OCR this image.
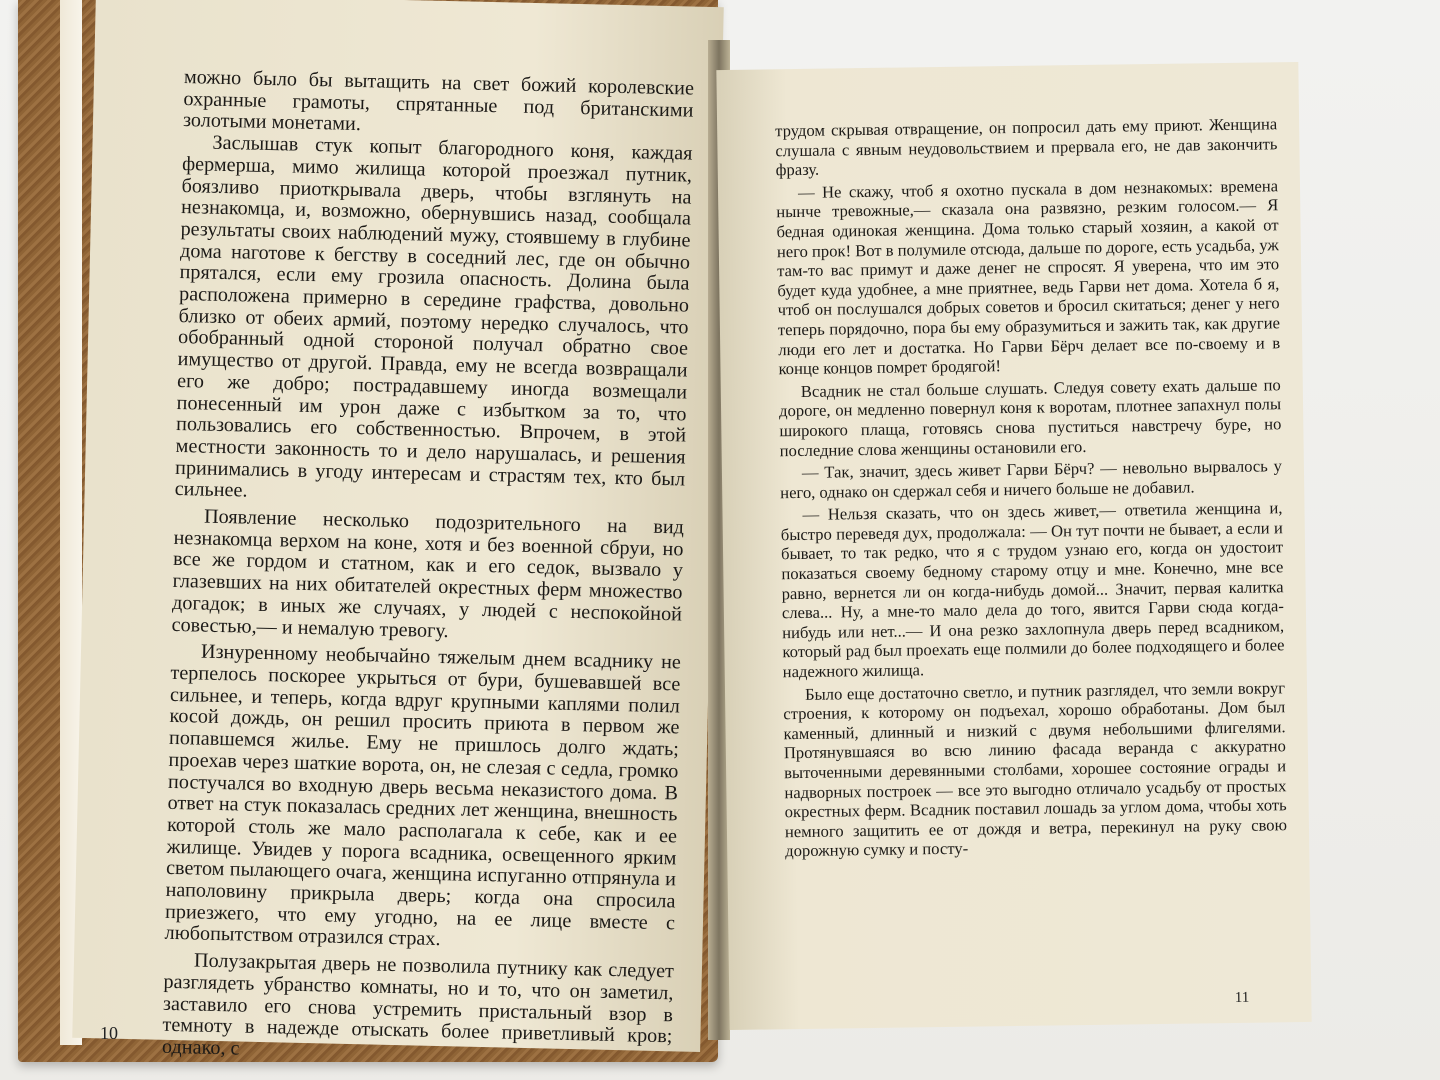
можно было бы вытащить на свет божий королевские охранные грамоты, спрятанные под британскими золотыми монетами.

Заслышав стук копыт благородного коня, каждая фермерша, мимо жилища которой проезжал путник, боязливо приоткрывала дверь, чтобы взглянуть на незнакомца, и, возможно, обернувшись назад, сообщала результаты своих наблюдений мужу, стоявшему в глубине дома наготове к бегству в соседний лес, где он обычно прятался, если ему грозила опасность. Долина была расположена примерно в середине графства, довольно близко от обеих армий, поэтому нередко случалось, что обобранный одной стороной получал обратно свое имущество от другой. Правда, ему не всегда возвращали его же добро; пострадавшему иногда возмещали понесенный им урон даже с избытком за то, что пользовались его собственностью. Впрочем, в этой местности законность то и дело нарушалась, и решения принимались в угоду интересам и страстям тех, кто был сильнее.

Появление несколько подозрительного на вид незнакомца верхом на коне, хотя и без военной сбруи, но все же гордом и статном, как и его седок, вызвало у глазевших на них обитателей окрестных ферм множество догадок; в иных же случаях, у людей с неспокойной совестью,— и немалую тревогу.

Изнуренному необычайно тяжелым днем всаднику не терпелось поскорее укрыться от бури, бушевавшей все сильнее, и теперь, когда вдруг крупными каплями полил косой дождь, он решил просить приюта в первом же попавшемся жилье. Ему не пришлось долго ждать; проехав через шаткие ворота, он, не слезая с седла, громко постучался во входную дверь весьма неказистого дома. В ответ на стук показалась средних лет женщина, внешность которой столь же мало располагала к себе, как и ее жилище. Увидев у порога всадника, освещенного ярким светом пылающего очага, женщина испуганно отпрянула и наполовину прикрыла дверь; когда она спросила приезжего, что ему угодно, на ее лице вместе с любопытством отразился страх.

Полузакрытая дверь не позволила путнику как следует разглядеть убранство комнаты, но и то, что он заметил, заставило его снова устремить пристальный взор в темноту в надежде отыскать более приветливый кров; однако, с

10

трудом скрывая отвращение, он попросил дать ему приют. Женщина слушала с явным неудовольствием и прервала его, не дав закончить фразу.

— Не скажу, чтоб я охотно пускала в дом незнакомых: времена нынче тревожные,— сказала она развязно, резким голосом.— Я бедная одинокая женщина. Дома только старый хозяин, а какой от него прок! Вот в полумиле отсюда, дальше по дороге, есть усадьба, уж там-то вас примут и даже денег не спросят. Я уверена, что им это будет куда удобнее, а мне приятнее, ведь Гарви нет дома. Хотела б я, чтоб он послушался добрых советов и бросил скитаться; денег у него теперь порядочно, пора бы ему образумиться и зажить так, как другие люди его лет и достатка. Но Гарви Бёрч делает все по-своему и в конце концов помрет бродягой!

Всадник не стал больше слушать. Следуя совету ехать дальше по дороге, он медленно повернул коня к воротам, плотнее запахнул полы широкого плаща, готовясь снова пуститься навстречу буре, но последние слова женщины остановили его.

— Так, значит, здесь живет Гарви Бёрч? — невольно вырвалось у него, однако он сдержал себя и ничего больше не добавил.

— Нельзя сказать, что он здесь живет,— ответила женщина и, быстро переведя дух, продолжала: — Он тут почти не бывает, а если и бывает, то так редко, что я с трудом узнаю его, когда он удостоит показаться своему бедному старому отцу и мне. Конечно, мне все равно, вернется ли он когда-нибудь домой... Значит, первая калитка слева... Ну, а мне-то мало дела до того, явится Гарви сюда когда-нибудь или нет...— И она резко захлопнула дверь перед всадником, который рад был проехать еще полмили до более подходящего и более надежного жилища.

Было еще достаточно светло, и путник разглядел, что земли вокруг строения, к которому он подъехал, хорошо обработаны. Дом был каменный, длинный и низкий с двумя небольшими флигелями. Протянувшаяся во всю линию фасада веранда с аккуратно выточенными деревянными столбами, хорошее состояние ограды и надворных построек — все это выгодно отличало усадьбу от простых окрестных ферм. Всадник поставил лошадь за углом дома, чтобы хоть немного защитить ее от дождя и ветра, перекинул на руку свою дорожную сумку и посту-

11
